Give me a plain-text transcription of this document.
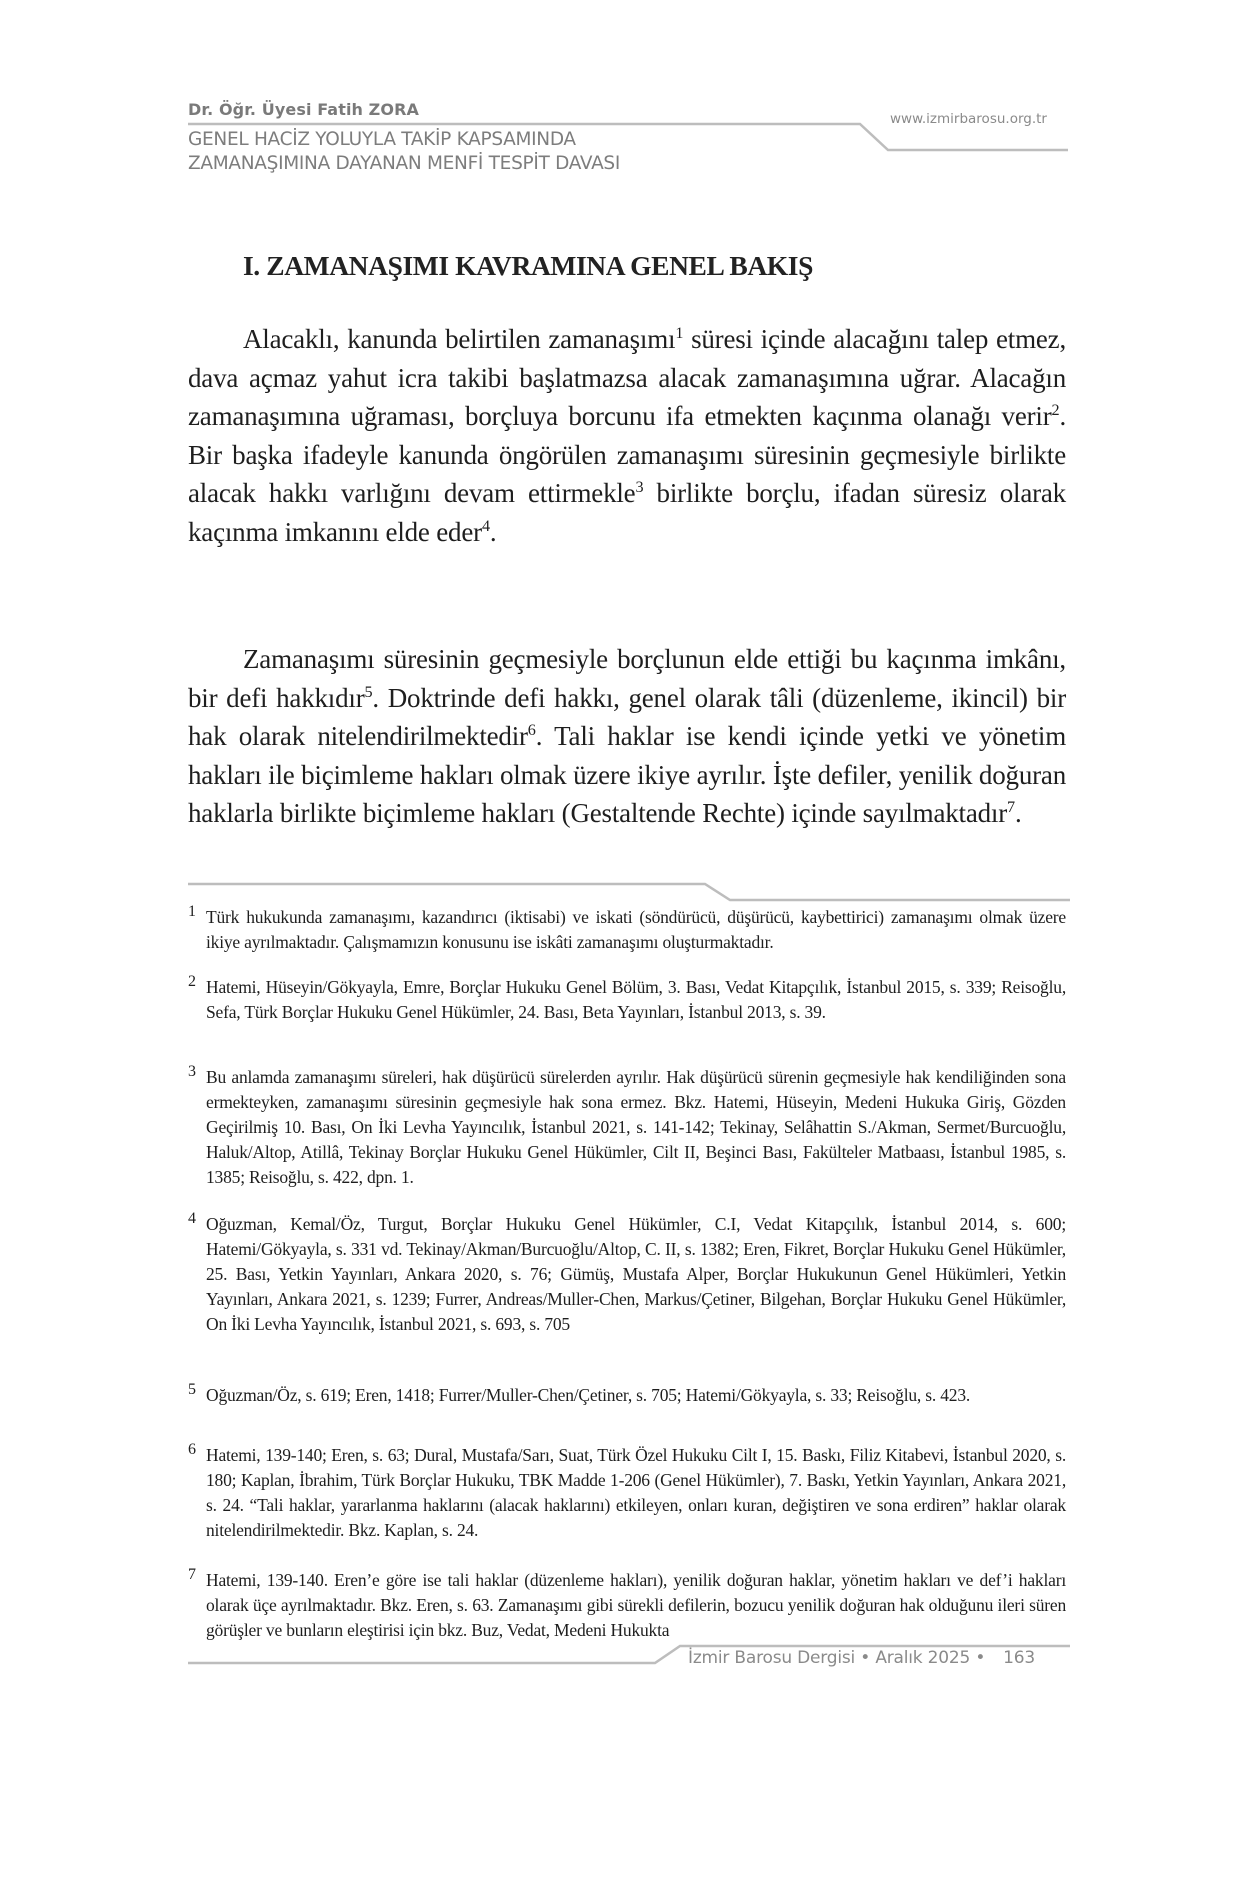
Dr. Öğr. Üyesi Fatih ZORA
GENEL HACİZ YOLUYLA TAKİP KAPSAMINDA
ZAMANAŞIMINA DAYANAN MENFİ TESPİT DAVASI
www.izmirbarosu.org.tr
I. ZAMANAŞIMI KAVRAMINA GENEL BAKIŞ

Alacaklı, kanunda belirtilen zamanaşımı$^1$ süresi içinde alacağını talep etmez, dava açmaz yahut icra takibi başlatmazsa alacak zamanaşımına uğrar. Alacağın zamanaşımına uğraması, borçluya borcunu ifa etmekten kaçınma olanağı verir$^2$. Bir başka ifadeyle kanunda öngörülen zamanaşımı süresinin geçmesiyle birlikte alacak hakkı varlığını devam ettirmekle$^3$ birlikte borçlu, ifadan süresiz olarak kaçınma imkanını elde eder$^4$.

Zamanaşımı süresinin geçmesiyle borçlunun elde ettiği bu kaçınma imkânı, bir defi hakkıdır$^5$. Doktrinde defi hakkı, genel olarak tâli (düzenleme, ikincil) bir hak olarak nitelendirilmektedir$^6$. Tali haklar ise kendi içinde yetki ve yönetim hakları ile biçimleme hakları olmak üzere ikiye ayrılır. İşte defiler, yenilik doğuran haklarla birlikte biçimleme hakları (Gestaltende Rechte) içinde sayılmaktadır$^7$.

1 Türk hukukunda zamanaşımı, kazandırıcı (iktisabi) ve iskati (söndürücü, düşürücü, kaybettirici) zamanaşımı olmak üzere ikiye ayrılmaktadır. Çalışmamızın konusunu ise iskâti zamanaşımı oluşturmaktadır.
2 Hatemi, Hüseyin/Gökyayla, Emre, Borçlar Hukuku Genel Bölüm, 3. Bası, Vedat Kitapçılık, İstanbul 2015, s. 339; Reisoğlu, Sefa, Türk Borçlar Hukuku Genel Hükümler, 24. Bası, Beta Yayınları, İstanbul 2013, s. 39.
3 Bu anlamda zamanaşımı süreleri, hak düşürücü sürelerden ayrılır. Hak düşürücü sürenin geçmesiyle hak kendiliğinden sona ermekteyken, zamanaşımı süresinin geçmesiyle hak sona ermez. Bkz. Hatemi, Hüseyin, Medeni Hukuka Giriş, Gözden Geçirilmiş 10. Bası, On İki Levha Yayıncılık, İstanbul 2021, s. 141-142; Tekinay, Selâhattin S./Akman, Sermet/Burcuoğlu, Haluk/Altop, Atillâ, Tekinay Borçlar Hukuku Genel Hükümler, Cilt II, Beşinci Bası, Fakülteler Matbaası, İstanbul 1985, s. 1385; Reisoğlu, s. 422, dpn. 1.
4 Oğuzman, Kemal/Öz, Turgut, Borçlar Hukuku Genel Hükümler, C.I, Vedat Kitapçılık, İstanbul 2014, s. 600; Hatemi/Gökyayla, s. 331 vd. Tekinay/Akman/Burcuoğlu/Altop, C. II, s. 1382; Eren, Fikret, Borçlar Hukuku Genel Hükümler, 25. Bası, Yetkin Yayınları, Ankara 2020, s. 76; Gümüş, Mustafa Alper, Borçlar Hukukunun Genel Hükümleri, Yetkin Yayınları, Ankara 2021, s. 1239; Furrer, Andreas/Muller-Chen, Markus/Çetiner, Bilgehan, Borçlar Hukuku Genel Hükümler, On İki Levha Yayıncılık, İstanbul 2021, s. 693, s. 705
5 Oğuzman/Öz, s. 619; Eren, 1418; Furrer/Muller-Chen/Çetiner, s. 705; Hatemi/Gökyayla, s. 33; Reisoğlu, s. 423.
6 Hatemi, 139-140; Eren, s. 63; Dural, Mustafa/Sarı, Suat, Türk Özel Hukuku Cilt I, 15. Baskı, Filiz Kitabevi, İstanbul 2020, s. 180; Kaplan, İbrahim, Türk Borçlar Hukuku, TBK Madde 1-206 (Genel Hükümler), 7. Baskı, Yetkin Yayınları, Ankara 2021, s. 24. “Tali haklar, yararlanma haklarını (alacak haklarını) etkileyen, onları kuran, değiştiren ve sona erdiren” haklar olarak nitelendirilmektedir. Bkz. Kaplan, s. 24.
7 Hatemi, 139-140. Eren’e göre ise tali haklar (düzenleme hakları), yenilik doğuran haklar, yönetim hakları ve def’i hakları olarak üçe ayrılmaktadır. Bkz. Eren, s. 63. Zamanaşımı gibi sürekli defilerin, bozucu yenilik doğuran hak olduğunu ileri süren görüşler ve bunların eleştirisi için bkz. Buz, Vedat, Medeni Hukukta
İzmir Barosu Dergisi • Aralık 2025 • 163
